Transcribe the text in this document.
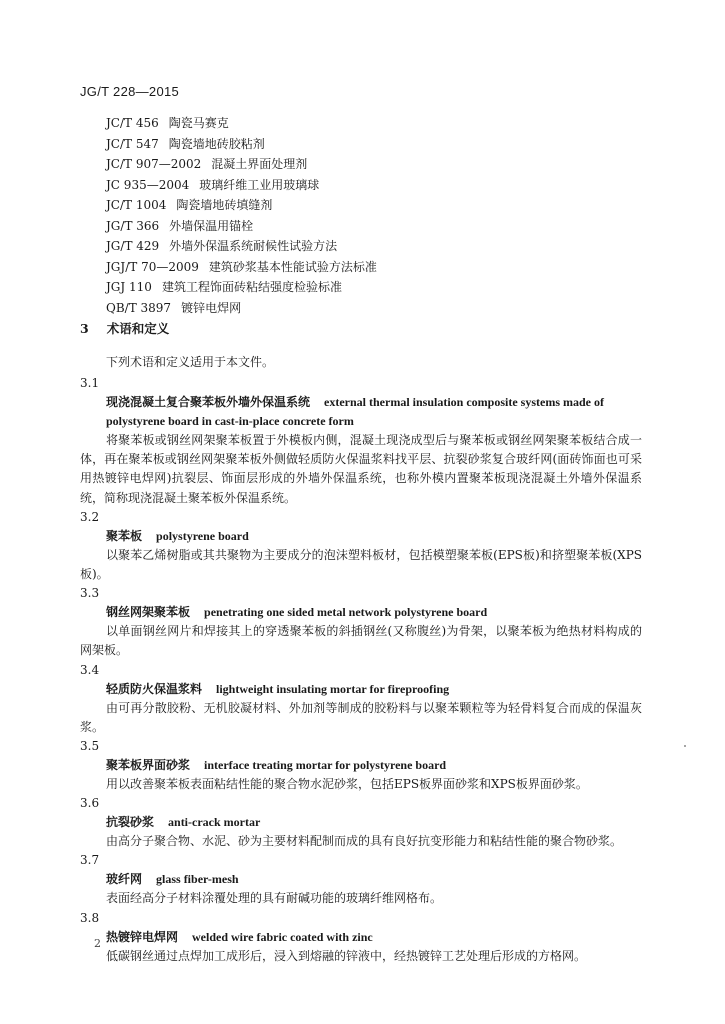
JG/T 228—2015
JC/T 456 陶瓷马赛克
JC/T 547 陶瓷墙地砖胶粘剂
JC/T 907—2002 混凝土界面处理剂
JC 935—2004 玻璃纤维工业用玻璃球
JC/T 1004 陶瓷墙地砖填缝剂
JG/T 366 外墙保温用锚栓
JG/T 429 外墙外保温系统耐候性试验方法
JGJ/T 70—2009 建筑砂浆基本性能试验方法标准
JGJ 110 建筑工程饰面砖粘结强度检验标准
QB/T 3897 镀锌电焊网
3 术语和定义
下列术语和定义适用于本文件。
3.1
现浇混凝土复合聚苯板外墙外保温系统 external thermal insulation composite systems made of polystyrene board in cast-in-place concrete form
将聚苯板或钢丝网架聚苯板置于外模板内侧，混凝土现浇成型后与聚苯板或钢丝网架聚苯板结合成一体，再在聚苯板或钢丝网架聚苯板外侧做轻质防火保温浆料找平层、抗裂砂浆复合玻纤网(面砖饰面也可采用热镀锌电焊网)抗裂层、饰面层形成的外墙外保温系统，也称外模内置聚苯板现浇混凝土外墙外保温系统，简称现浇混凝土聚苯板外保温系统。
3.2
聚苯板 polystyrene board
以聚苯乙烯树脂或其共聚物为主要成分的泡沫塑料板材，包括模塑聚苯板(EPS板)和挤塑聚苯板(XPS板)。
3.3
钢丝网架聚苯板 penetrating one sided metal network polystyrene board
以单面钢丝网片和焊接其上的穿透聚苯板的斜插钢丝(又称腹丝)为骨架，以聚苯板为绝热材料构成的网架板。
3.4
轻质防火保温浆料 lightweight insulating mortar for fireproofing
由可再分散胶粉、无机胶凝材料、外加剂等制成的胶粉料与以聚苯颗粒等为轻骨料复合而成的保温灰浆。
3.5
聚苯板界面砂浆 interface treating mortar for polystyrene board
用以改善聚苯板表面粘结性能的聚合物水泥砂浆，包括EPS板界面砂浆和XPS板界面砂浆。
3.6
抗裂砂浆 anti-crack mortar
由高分子聚合物、水泥、砂为主要材料配制而成的具有良好抗变形能力和粘结性能的聚合物砂浆。
3.7
玻纤网 glass fiber-mesh
表面经高分子材料涂覆处理的具有耐碱功能的玻璃纤维网格布。
3.8
热镀锌电焊网 welded wire fabric coated with zinc
低碳钢丝通过点焊加工成形后，浸入到熔融的锌液中，经热镀锌工艺处理后形成的方格网。
2
